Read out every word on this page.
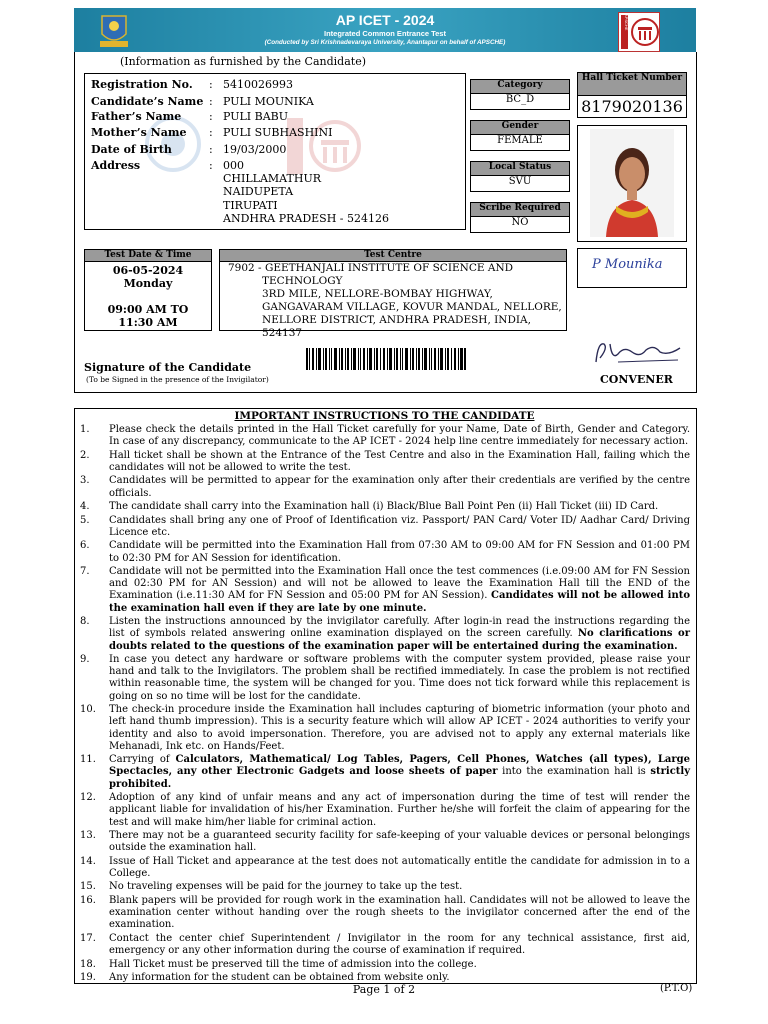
AP ICET - 2024
Integrated Common Entrance Test
(Conducted by Sri Krishnadevaraya University, Anantapur on behalf of APSCHE)
APSCHE
(Information as furnished by the Candidate)
Registration No. : 5410026993
Candidate’s Name : PULI MOUNIKA
Father’s Name	: PULI BABU
Mother’s Name : PULI SUBHASHINI
Date of Birth	: 19/03/2000
Address	: 000
CHILLAMATHUR
NAIDUPETA
TIRUPATI
ANDHRA PRADESH - 524126
Category
BC_D
Gender
FEMALE
Local Status
SVU
Scribe Required
NO
Hall Ticket Number
8179020136
P Mounika
Test Date & Time
06-05-2024
Monday
09:00 AM TO 11:30 AM
Test Centre
7902 - GEETHANJALI INSTITUTE OF SCIENCE AND
TECHNOLOGY
3RD MILE, NELLORE-BOMBAY HIGHWAY,
GANGAVARAM VILLAGE, KOVUR MANDAL, NELLORE,
NELLORE DISTRICT, ANDHRA PRADESH, INDIA, 524137
Signature of the Candidate
(To be Signed in the presence of the Invigilator)	CONVENER
IMPORTANT INSTRUCTIONS TO THE CANDIDATE
1.	Please check the details printed in the Hall Ticket carefully for your Name, Date of Birth, Gender and Category. In case of any discrepancy, communicate to the AP ICET - 2024 help line centre immediately for necessary action.
2.	Hall ticket shall be shown at the Entrance of the Test Centre and also in the Examination Hall, failing which the candidates will not be allowed to write the test.
3.	Candidates will be permitted to appear for the examination only after their credentials are verified by the centre officials.
4.	The candidate shall carry into the Examination hall (i) Black/Blue Ball Point Pen (ii) Hall Ticket (iii) ID Card.
5.	Candidates shall bring any one of Proof of Identification viz. Passport/ PAN Card/ Voter ID/ Aadhar Card/ Driving Licence etc.
6.	Candidate will be permitted into the Examination Hall from 07:30 AM to 09:00 AM for FN Session and 01:00 PM to 02:30 PM for AN Session for identification.
7.	Candidate will not be permitted into the Examination Hall once the test commences (i.e.09:00 AM for FN Session and 02:30 PM for AN Session) and will not be allowed to leave the Examination Hall till the END of the Examination (i.e.11:30 AM for FN Session and 05:00 PM for AN Session). Candidates will not be allowed into the examination hall even if they are late by one minute.
8.	Listen the instructions announced by the invigilator carefully. After login-in read the instructions regarding the list of symbols related answering online examination displayed on the screen carefully. No clarifications or doubts related to the questions of the examination paper will be entertained during the examination.
9.	In case you detect any hardware or software problems with the computer system provided, please raise your hand and talk to the Invigilators. The problem shall be rectified immediately. In case the problem is not rectified within reasonable time, the system will be changed for you. Time does not tick forward while this replacement is going on so no time will be lost for the candidate.
10.	The check-in procedure inside the Examination hall includes capturing of biometric information (your photo and left hand thumb impression). This is a security feature which will allow AP ICET - 2024 authorities to verify your identity and also to avoid impersonation. Therefore, you are advised not to apply any external materials like Mehanadi, Ink etc. on Hands/Feet.
11.	Carrying of Calculators, Mathematical/ Log Tables, Pagers, Cell Phones, Watches (all types), Large Spectacles, any other Electronic Gadgets and loose sheets of paper into the examination hall is strictly prohibited.
12.	Adoption of any kind of unfair means and any act of impersonation during the time of test will render the applicant liable for invalidation of his/her Examination. Further he/she will forfeit the claim of appearing for the test and will make him/her liable for criminal action.
13.	There may not be a guaranteed security facility for safe-keeping of your valuable devices or personal belongings outside the examination hall.
14.	Issue of Hall Ticket and appearance at the test does not automatically entitle the candidate for admission in to a College.
15.	No traveling expenses will be paid for the journey to take up the test.
16.	Blank papers will be provided for rough work in the examination hall. Candidates will not be allowed to leave the examination center without handing over the rough sheets to the invigilator concerned after the end of the examination.
17.	Contact the center chief Superintendent / Invigilator in the room for any technical assistance, first aid, emergency or any other information during the course of examination if required.
18.	Hall Ticket must be preserved till the time of admission into the college.
19.	Any information for the student can be obtained from website only.
Page 1 of 2	(P.T.O)
